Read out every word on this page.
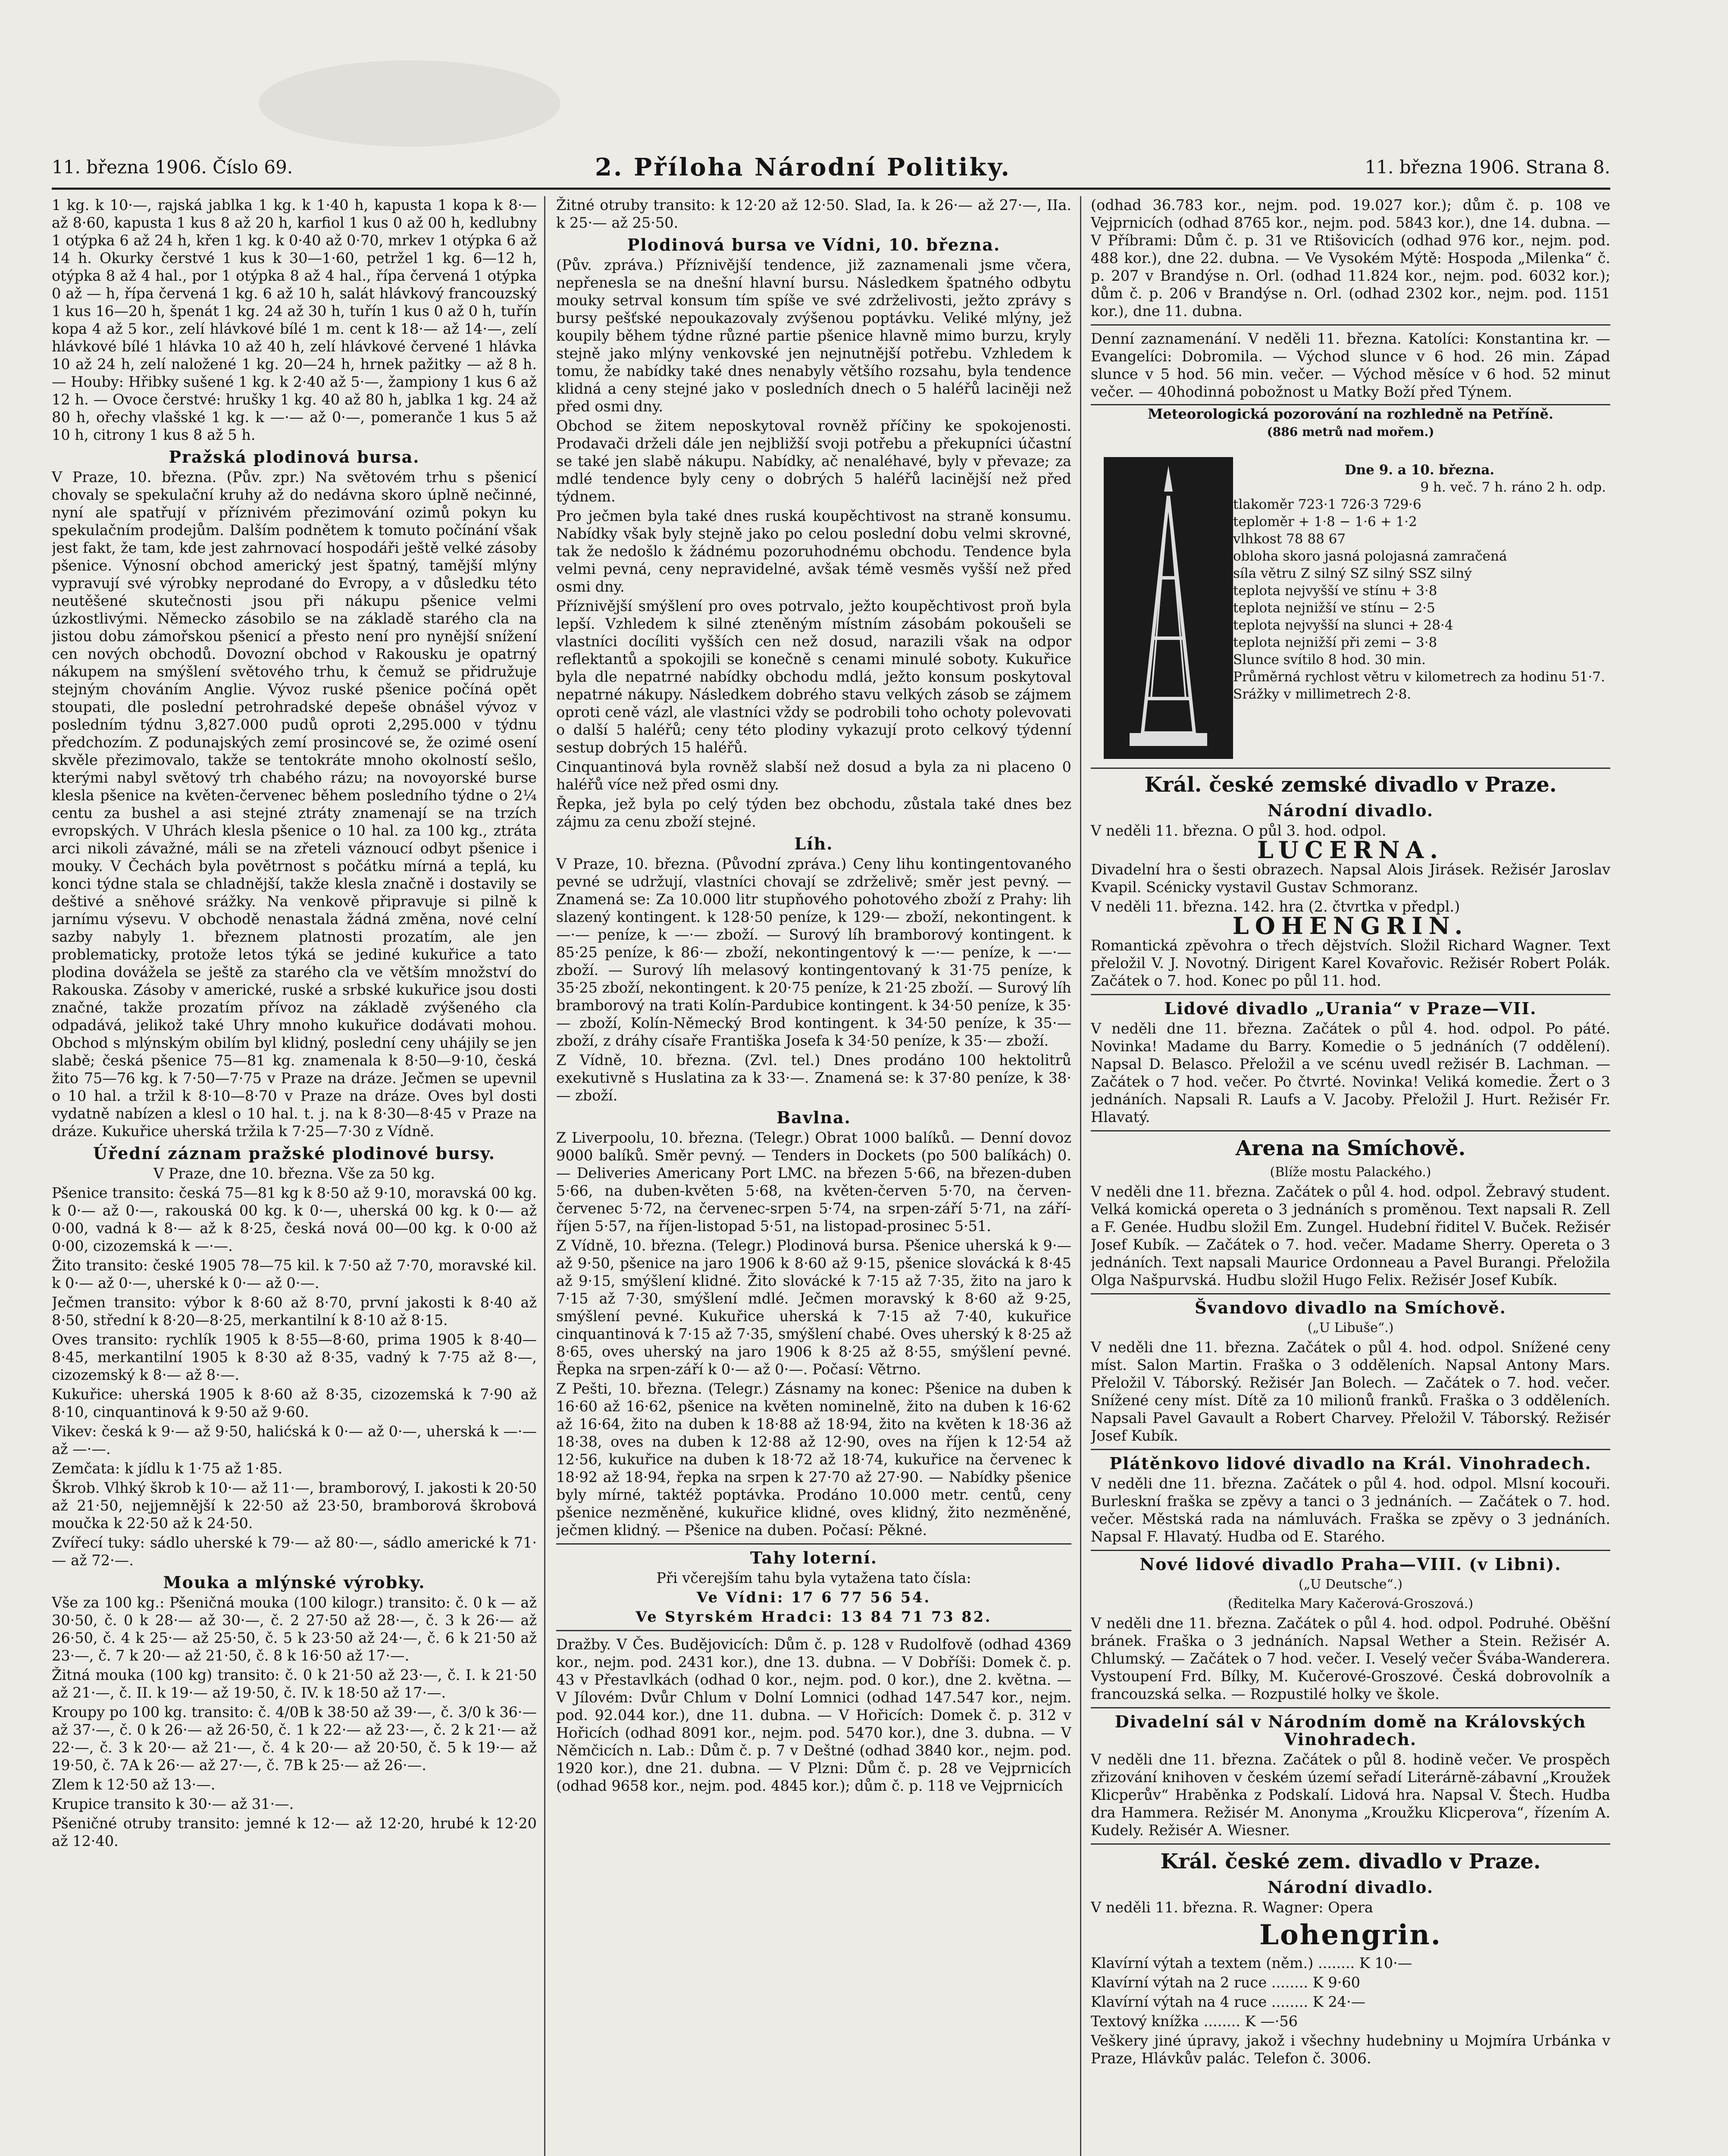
11. března 1906. Číslo 69.	2. Příloha Národní Politiky.	11. března 1906. Strana 8.

1 kg. k 10·—, rajská jablka 1 kg. k 1·40 h, kapusta 1 kopa k 8·— až 8·60, kapusta 1 kus 8 až 20 h, karfiol 1 kus 0 až 00 h, kedlubny 1 otýpka 6 až 24 h, křen 1 kg. k 0·40 až 0·70, mrkev 1 otýpka 6 až 14 h. Okurky čerstvé 1 kus k 30—1·60, petržel 1 kg. 6—12 h, otýpka 8 až 4 hal., por 1 otýpka 8 až 4 hal., řípa červená 1 otýpka 0 až — h, řípa červená 1 kg. 6 až 10 h, salát hlávkový francouzský 1 kus 16—20 h, špenát 1 kg. 24 až 30 h, tuřín 1 kus 0 až 0 h, tuřín kopa 4 až 5 kor., zelí hlávkové bílé 1 m. cent k 18·— až 14·—, zelí hlávkové bílé 1 hlávka 10 až 40 h, zelí hlávkové červené 1 hlávka 10 až 24 h, zelí naložené 1 kg. 20—24 h, hrnek pažitky — až 8 h. — Houby: Hřibky sušené 1 kg. k 2·40 až 5·—, žampiony 1 kus 6 až 12 h. — Ovoce čerstvé: hrušky 1 kg. 40 až 80 h, jablka 1 kg. 24 až 80 h, ořechy vlašské 1 kg. k —·— až 0·—, pomeranče 1 kus 5 až 10 h, citrony 1 kus 8 až 5 h.

Pražská plodinová bursa.

V Praze, 10. března. (Pův. zpr.) Na světovém trhu s pšenicí chovaly se spekulační kruhy až do nedávna skoro úplně nečinné, nyní ale spatřují v příznivém přezimování ozimů pokyn ku spekulačním prodejům. Dalším podnětem k tomuto počínání však jest fakt, že tam, kde jest zahrnovací hospodáři ještě velké zásoby pšenice. Výnosní obchod americký jest špatný, tamější mlýny vypravují své výrobky neprodané do Evropy, a v důsledku této neutěšené skutečnosti jsou při nákupu pšenice velmi úzkostlivými. Německo zásobilo se na základě starého cla na jistou dobu zámořskou pšenicí a přesto není pro nynější snížení cen nových obchodů. Dovozní obchod v Rakousku je opatrný nákupem na smýšlení světového trhu, k čemuž se přidružuje stejným chováním Anglie. Vývoz ruské pšenice počíná opět stoupati, dle poslední petrohradské depeše obnášel vývoz v posledním týdnu 3,827.000 pudů oproti 2,295.000 v týdnu předchozím. Z podunajských zemí prosincové se, že ozimé osení skvěle přezimovalo, takže se tentokráte mnoho okolností sešlo, kterými nabyl světový trh chabého rázu; na novoyorské burse klesla pšenice na květen-červenec během posledního týdne o 2¼ centu za bushel a asi stejné ztráty znamenají se na trzích evropských. V Uhrách klesla pšenice o 10 hal. za 100 kg., ztráta arci nikoli závažné, máli se na zřeteli váznoucí odbyt pšenice i mouky. V Čechách byla povětrnost s počátku mírná a teplá, ku konci týdne stala se chladnější, takže klesla značně i dostavily se deštivé a sněhové srážky. Na venkově připravuje si pilně k jarnímu výsevu. V obchodě nenastala žádná změna, nové celní sazby nabyly 1. březnem platnosti prozatím, ale jen problematicky, protože letos týká se jediné kukuřice a tato plodina dovážela se ještě za starého cla ve větším množství do Rakouska. Zásoby v americké, ruské a srbské kukuřice jsou dosti značné, takže prozatím přívoz na základě zvýšeného cla odpadává, jelikož také Uhry mnoho kukuřice dodávati mohou. Obchod s mlýnským obilím byl klidný, poslední ceny uhájily se jen slabě; česká pšenice 75—81 kg. znamenala k 8·50—9·10, česká žito 75—76 kg. k 7·50—7·75 v Praze na dráze. Ječmen se upevnil o 10 hal. a tržil k 8·10—8·70 v Praze na dráze. Oves byl dosti vydatně nabízen a klesl o 10 hal. t. j. na k 8·30—8·45 v Praze na dráze. Kukuřice uherská tržila k 7·25—7·30 z Vídně.

Úřední záznam pražské plodinové bursy.

V Praze, dne 10. března. Vše za 50 kg.

Pšenice transito: česká 75—81 kg k 8·50 až 9·10, moravská 00 kg. k 0·— až 0·—, rakouská 00 kg. k 0·—, uherská 00 kg. k 0·— až 0·00, vadná k 8·— až k 8·25, česká nová 00—00 kg. k 0·00 až 0·00, cizozemská k —·—.

Žito transito: české 1905 78—75 kil. k 7·50 až 7·70, moravské kil. k 0·— až 0·—, uherské k 0·— až 0·—.

Ječmen transito: výbor k 8·60 až 8·70, první jakosti k 8·40 až 8·50, střední k 8·20—8·25, merkantilní k 8·10 až 8·15.

Oves transito: rychlík 1905 k 8·55—8·60, prima 1905 k 8·40—8·45, merkantilní 1905 k 8·30 až 8·35, vadný k 7·75 až 8·—, cizozemský k 8·— až 8·—.

Kukuřice: uherská 1905 k 8·60 až 8·35, cizozemská k 7·90 až 8·10, cinquantinová k 9·50 až 9·60.

Vikev: česká k 9·— až 9·50, halićská k 0·— až 0·—, uherská k —·— až —·—.

Zemčata: k jídlu k 1·75 až 1·85.

Škrob. Vlhký škrob k 10·— až 11·—, bramborový, I. jakosti k 20·50 až 21·50, nejjemnější k 22·50 až 23·50, bramborová škrobová moučka k 22·50 až k 24·50.

Zvířecí tuky: sádlo uherské k 79·— až 80·—, sádlo americké k 71·— až 72·—.

Mouka a mlýnské výrobky.

Vše za 100 kg.: Pšeničná mouka (100 kilogr.) transito: č. 0 k — až 30·50, č. 0 k 28·— až 30·—, č. 2 27·50 až 28·—, č. 3 k 26·— až 26·50, č. 4 k 25·— až 25·50, č. 5 k 23·50 až 24·—, č. 6 k 21·50 až 23·—, č. 7 k 20·— až 21·50, č. 8 k 16·50 až 17·—.

Žitná mouka (100 kg) transito: č. 0 k 21·50 až 23·—, č. I. k 21·50 až 21·—, č. II. k 19·— až 19·50, č. IV. k 18·50 až 17·—.

Kroupy po 100 kg. transito: č. 4/0B k 38·50 až 39·—, č. 3/0 k 36·— až 37·—, č. 0 k 26·— až 26·50, č. 1 k 22·— až 23·—, č. 2 k 21·— až 22·—, č. 3 k 20·— až 21·—, č. 4 k 20·— až 20·50, č. 5 k 19·— až 19·50, č. 7A k 26·— až 27·—, č. 7B k 25·— až 26·—.

Zlem k 12·50 až 13·—.

Krupice transito k 30·— až 31·—.

Pšeničné otruby transito: jemné k 12·— až 12·20, hrubé k 12·20 až 12·40.

Žitné otruby transito: k 12·20 až 12·50. Slad, Ia. k 26·— až 27·—, IIa. k 25·— až 25·50.

Plodinová bursa ve Vídni, 10. března.

(Pův. zpráva.) Příznivější tendence, již zaznamenali jsme včera, nepřenesla se na dnešní hlavní bursu. Následkem špatného odbytu mouky setrval konsum tím spíše ve své zdrželivosti, ježto zprávy s bursy pešťské nepoukazovaly zvýšenou poptávku. Veliké mlýny, jež koupily během týdne různé partie pšenice hlavně mimo burzu, kryly stejně jako mlýny venkovské jen nejnutnější potřebu. Vzhledem k tomu, že nabídky také dnes nenabyly většího rozsahu, byla tendence klidná a ceny stejné jako v posledních dnech o 5 haléřů laciněji než před osmi dny.

Obchod se žitem neposkytoval rovněž příčiny ke spokojenosti. Prodavači drželi dále jen nejbližší svoji potřebu a překupníci účastní se také jen slabě nákupu. Nabídky, ač nenaléhavé, byly v převaze; za mdlé tendence byly ceny o dobrých 5 haléřů lacinější než před týdnem.

Pro ječmen byla také dnes ruská koupěchtivost na straně konsumu. Nabídky však byly stejně jako po celou poslední dobu velmi skrovné, tak že nedošlo k žádnému pozoruhodnému obchodu. Tendence byla velmi pevná, ceny nepravidelné, avšak témě vesměs vyšší než před osmi dny.

Příznivější smýšlení pro oves potrvalo, ježto koupěchtivost proň byla lepší. Vzhledem k silné zteněným místním zásobám pokoušeli se vlastníci docíliti vyšších cen než dosud, narazili však na odpor reflektantů a spokojili se konečně s cenami minulé soboty. Kukuřice byla dle nepatrné nabídky obchodu mdlá, ježto konsum poskytoval nepatrné nákupy. Následkem dobrého stavu velkých zásob se zájmem oproti ceně vázl, ale vlastníci vždy se podrobili toho ochoty polevovati o další 5 haléřů; ceny této plodiny vykazují proto celkový týdenní sestup dobrých 15 haléřů.

Cinquantinová byla rovněž slabší než dosud a byla za ni placeno 0 haléřů více než před osmi dny.

Řepka, jež byla po celý týden bez obchodu, zůstala také dnes bez zájmu za cenu zboží stejné.

Líh.

V Praze, 10. března. (Původní zpráva.) Ceny lihu kontingentovaného pevné se udržují, vlastníci chovají se zdrželivě; směr jest pevný. — Znamená se: Za 10.000 litr stupňového pohotového zboží z Prahy: lih slazený kontingent. k 128·50 peníze, k 129·— zboží, nekontingent. k —·— peníze, k —·— zboží. — Surový líh bramborový kontingent. k 85·25 peníze, k 86·— zboží, nekontingentový k —·— peníze, k —·— zboží. — Surový líh melasový kontingentovaný k 31·75 peníze, k 35·25 zboží, nekontingent. k 20·75 peníze, k 21·25 zboží. — Surový líh bramborový na trati Kolín-Pardubice kontingent. k 34·50 peníze, k 35·— zboží, Kolín-Německý Brod kontingent. k 34·50 peníze, k 35·— zboží, z dráhy císaře Františka Josefa k 34·50 peníze, k 35·— zboží.

Z Vídně, 10. března. (Zvl. tel.) Dnes prodáno 100 hektolitrů exekutivně s Huslatina za k 33·—. Znamená se: k 37·80 peníze, k 38·— zboží.

Bavlna.

Z Liverpoolu, 10. března. (Telegr.) Obrat 1000 balíků. — Denní dovoz 9000 balíků. Směr pevný. — Tenders in Dockets (po 500 balíkách) 0. — Deliveries Americany Port LMC. na březen 5·66, na březen-duben 5·66, na duben-květen 5·68, na květen-červen 5·70, na červen-červenec 5·72, na červenec-srpen 5·74, na srpen-září 5·71, na září-říjen 5·57, na říjen-listopad 5·51, na listopad-prosinec 5·51.

Z Vídně, 10. března. (Telegr.) Plodinová bursa. Pšenice uherská k 9·— až 9·50, pšenice na jaro 1906 k 8·60 až 9·15, pšenice slovácká k 8·45 až 9·15, smýšlení klidné. Žito slovácké k 7·15 až 7·35, žito na jaro k 7·15 až 7·30, smýšlení mdlé. Ječmen moravský k 8·60 až 9·25, smýšlení pevné. Kukuřice uherská k 7·15 až 7·40, kukuřice cinquantinová k 7·15 až 7·35, smýšlení chabé. Oves uherský k 8·25 až 8·65, oves uherský na jaro 1906 k 8·25 až 8·55, smýšlení pevné. Řepka na srpen-září k 0·— až 0·—. Počasí: Větrno.

Z Pešti, 10. března. (Telegr.) Zásnamy na konec: Pšenice na duben k 16·60 až 16·62, pšenice na květen nominelně, žito na duben k 16·62 až 16·64, žito na duben k 18·88 až 18·94, žito na květen k 18·36 až 18·38, oves na duben k 12·88 až 12·90, oves na říjen k 12·54 až 12·56, kukuřice na duben k 18·72 až 18·74, kukuřice na červenec k 18·92 až 18·94, řepka na srpen k 27·70 až 27·90. — Nabídky pšenice byly mírné, taktéž poptávka. Prodáno 10.000 metr. centů, ceny pšenice nezměněné, kukuřice klidné, oves klidný, žito nezměněné, ječmen klidný. — Pšenice na duben. Počasí: Pěkné.

Tahy loterní.

Při včerejším tahu byla vytažena tato čísla:

Ve Vídni: 17 6 77 56 54.

Ve Styrském Hradci: 13 84 71 73 82.

Dražby. V Čes. Budějovicích: Dům č. p. 128 v Rudolfově (odhad 4369 kor., nejm. pod. 2431 kor.), dne 13. dubna. — V Dobříši: Domek č. p. 43 v Přestavlkách (odhad 0 kor., nejm. pod. 0 kor.), dne 2. května. — V Jílovém: Dvůr Chlum v Dolní Lomnici (odhad 147.547 kor., nejm. pod. 92.044 kor.), dne 11. dubna. — V Hořicích: Domek č. p. 312 v Hořicích (odhad 8091 kor., nejm. pod. 5470 kor.), dne 3. dubna. — V Němčicích n. Lab.: Dům č. p. 7 v Deštné (odhad 3840 kor., nejm. pod. 1920 kor.), dne 21. dubna. — V Plzni: Dům č. p. 28 ve Vejprnicích (odhad 9658 kor., nejm. pod. 4845 kor.); dům č. p. 118 ve Vejprnicích

(odhad 36.783 kor., nejm. pod. 19.027 kor.); dům č. p. 108 ve Vejprnicích (odhad 8765 kor., nejm. pod. 5843 kor.), dne 14. dubna. — V Příbrami: Dům č. p. 31 ve Rtišovicích (odhad 976 kor., nejm. pod. 488 kor.), dne 22. dubna. — Ve Vysokém Mýtě: Hospoda „Milenka“ č. p. 207 v Brandýse n. Orl. (odhad 11.824 kor., nejm. pod. 6032 kor.); dům č. p. 206 v Brandýse n. Orl. (odhad 2302 kor., nejm. pod. 1151 kor.), dne 11. dubna.

Denní zaznamenání. V neděli 11. března. Katolíci: Konstantina kr. — Evangelíci: Dobromila. — Východ slunce v 6 hod. 26 min. Západ slunce v 5 hod. 56 min. večer. — Východ měsíce v 6 hod. 52 minut večer. — 40hodinná pobožnost u Matky Boží před Týnem.

Meteorologická pozorování na rozhledně na Petříně.
(886 metrů nad mořem.)
Dne 9. a 10. března.
9 h. več. 7 h. ráno 2 h. odp.
tlakoměr 723·1 726·3 729·6
teploměr + 1·8 − 1·6 + 1·2
vlhkost 78 88 67
obloha skoro jasná polojasná zamračená
síla větru Z silný SZ silný SSZ silný
teplota nejvyšší ve stínu + 3·8
teplota nejnižší ve stínu − 2·5
teplota nejvyšší na slunci + 28·4
teplota nejnižší při zemi − 3·8
Slunce svítilo 8 hod. 30 min.
Průměrná rychlost větru v kilometrech za hodinu 51·7.
Srážky v millimetrech 2·8.

Král. české zemské divadlo v Praze.

Národní divadlo.

V neděli 11. března. O půl 3. hod. odpol.

LUCERNA.

Divadelní hra o šesti obrazech. Napsal Alois Jirásek. Režisér Jaroslav Kvapil. Scénicky vystavil Gustav Schmoranz.

V neděli 11. března. 142. hra (2. čtvrtka v předpl.)

LOHENGRIN.

Romantická zpěvohra o třech dějstvích. Složil Richard Wagner. Text přeložil V. J. Novotný. Dirigent Karel Kovařovic. Režisér Robert Polák. Začátek o 7. hod. Konec po půl 11. hod.

Lidové divadlo „Urania“ v Praze—VII.

V neděli dne 11. března. Začátek o půl 4. hod. odpol. Po páté. Novinka! Madame du Barry. Komedie o 5 jednáních (7 oddělení). Napsal D. Belasco. Přeložil a ve scénu uvedl režisér B. Lachman. — Začátek o 7 hod. večer. Po čtvrté. Novinka! Veliká komedie. Žert o 3 jednáních. Napsali R. Laufs a V. Jacoby. Přeložil J. Hurt. Režisér Fr. Hlavatý.

Arena na Smíchově.

(Blíže mostu Palackého.)

V neděli dne 11. března. Začátek o půl 4. hod. odpol. Žebravý student. Velká komická opereta o 3 jednáních s proměnou. Text napsali R. Zell a F. Genée. Hudbu složil Em. Zungel. Hudební řiditel V. Buček. Režisér Josef Kubík. — Začátek o 7. hod. večer. Madame Sherry. Opereta o 3 jednáních. Text napsali Maurice Ordonneau a Pavel Burangi. Přeložila Olga Našpurvská. Hudbu složil Hugo Felix. Režisér Josef Kubík.

Švandovo divadlo na Smíchově.

(„U Libuše“.)

V neděli dne 11. března. Začátek o půl 4. hod. odpol. Snížené ceny míst. Salon Martin. Fraška o 3 odděleních. Napsal Antony Mars. Přeložil V. Táborský. Režisér Jan Bolech. — Začátek o 7. hod. večer. Snížené ceny míst. Dítě za 10 milionů franků. Fraška o 3 odděleních. Napsali Pavel Gavault a Robert Charvey. Přeložil V. Táborský. Režisér Josef Kubík.

Plátěnkovo lidové divadlo na Král. Vinohradech.

V neděli dne 11. března. Začátek o půl 4. hod. odpol. Mlsní kocouři. Burleskní fraška se zpěvy a tanci o 3 jednáních. — Začátek o 7. hod. večer. Městská rada na námluvách. Fraška se zpěvy o 3 jednáních. Napsal F. Hlavatý. Hudba od E. Starého.

Nové lidové divadlo Praha—VIII. (v Libni).

(„U Deutsche“.)

(Ředitelka Mary Kačerová-Groszová.)

V neděli dne 11. března. Začátek o půl 4. hod. odpol. Podruhé. Oběšní bránek. Fraška o 3 jednáních. Napsal Wether a Stein. Režisér A. Chlumský. — Začátek o 7 hod. večer. I. Veselý večer Švába-Wanderera. Vystoupení Frd. Bílky, M. Kučerové-Groszové. Česká dobrovolník a francouzská selka. — Rozpustilé holky ve škole.

Divadelní sál v Národním domě na Královských Vinohradech.

V neděli dne 11. března. Začátek o půl 8. hodině večer. Ve prospěch zřizování knihoven v českém území seřadí Literárně-zábavní „Kroužek Klicperův“ Hraběnka z Podskalí. Lidová hra. Napsal V. Štech. Hudba dra Hammera. Režisér M. Anonyma „Kroužku Klicperova“, řízením A. Kudely. Režisér A. Wiesner.

Král. české zem. divadlo v Praze.

Národní divadlo.

V neděli 11. března. R. Wagner: Opera

Lohengrin.

Klavírní výtah a textem (něm.) ........ K 10·—

Klavírní výtah na 2 ruce ........ K 9·60

Klavírní výtah na 4 ruce ........ K 24·—

Textový knížka ........ K —·56

Veškery jiné úpravy, jakož i všechny hudebniny u Mojmíra Urbánka v Praze, Hlávkův palác. Telefon č. 3006.
